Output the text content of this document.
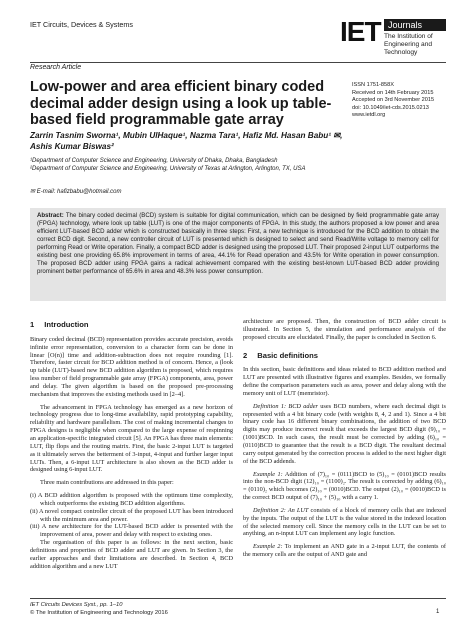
IET Circuits, Devices & Systems	IET Journals
The Institution of
Engineering and Technology
Research Article
Low-power and area efficient binary coded decimal adder design using a look up table-based field programmable gate array
ISSN 1751-858X
Received on 14th February 2015
Accepted on 3rd November 2015
doi: 10.1049/iet-cds.2015.0213
www.ietdl.org
Zarrin Tasnim Sworna¹, Mubin UlHaque¹, Nazma Tara¹, Hafiz Md. Hasan Babu¹ ✉,
Ashis Kumar Biswas²
¹Department of Computer Science and Engineering, University of Dhaka, Dhaka, Bangladesh
²Department of Computer Science and Engineering, University of Texas at Arlington, Arlington, TX, USA
✉ E-mail: hafizbabu@hotmail.com

Abstract: The binary coded decimal (BCD) system is suitable for digital communication, which can be designed by field programmable gate array (FPGA) technology, where look up table (LUT) is one of the major components of FPGA. In this study, the authors proposed a low power and area efficient LUT-based BCD adder which is constructed basically in three steps: First, a new technique is introduced for the BCD addition to obtain the correct BCD digit. Second, a new controller circuit of LUT is presented which is designed to select and send Read/Write voltage to memory cell for performing Read or Write operation. Finally, a compact BCD adder is designed using the proposed LUT. Their proposed 2-input LUT outperforms the existing best one providing 65.8% improvement in terms of area, 44.1% for Read operation and 43.5% for Write operation in power consumption. The proposed BCD adder using FPGA gains a radical achievement compared with the existing best-known LUT-based BCD adder providing prominent better performance of 65.6% in area and 48.3% less power consumption.

1 Introduction

Binary coded decimal (BCD) representation provides accurate precision, avoids infinite error representation, conversion to a character form can be done in linear [O(n)] time and addition-subtraction does not require rounding [1]. Therefore, faster circuit for BCD addition method is of concern. Hence, a (look up table (LUT)-based new BCD addition algorithm is proposed, which requires less number of field programmable gate array (FPGA) components, area, power and delay. The given algorithm is based on the proposed pre-processing mechanism that improves the existing methods used in [2–4].

The advancement in FPGA technology has emerged as a new horizon of technology progress due to long-time availability, rapid prototyping capability, reliability and hardware parallelism. The cost of making incremental changes to FPGA designs is negligible when compared to the large expense of respinning an application-specific integrated circuit [5]. An FPGA has three main elements: LUT, flip flops and the routing matrix. First, the basic 2-input LUT is targeted as it ultimately serves the betterment of 3-input, 4-input and further larger input LUTs. Then, a 6-input LUT architecture is also shown as the BCD adder is designed using 6-input LUT.

Three main contributions are addressed in this paper:

(i) A BCD addition algorithm is proposed with the optimum time complexity, which outperforms the existing BCD addition algorithms.

(ii) A novel compact controller circuit of the proposed LUT has been introduced with the minimum area and power.

(iii) A new architecture for the LUT-based BCD adder is presented with the improvement of area, power and delay with respect to existing ones.

The organisation of this paper is as follows: in the next section, basic definitions and properties of BCD adder and LUT are given. In Section 3, the earlier approaches and their limitations are described. In Section 4, BCD addition algorithm and a new LUT

architecture are proposed. Then, the construction of BCD adder circuit is illustrated. In Section 5, the simulation and performance analysis of the proposed circuits are elucidated. Finally, the paper is concluded in Section 6.

2 Basic definitions

In this section, basic definitions and ideas related to BCD addition method and LUT are presented with illustrative figures and examples. Besides, we formally define the comparison parameters such as area, power and delay along with the memory unit of LUT (memristor).

Definition 1: BCD adder uses BCD numbers, where each decimal digit is represented with a 4 bit binary code (with weights 8, 4, 2 and 1). Since a 4 bit binary code has 16 different binary combinations, the addition of two BCD digits may produce incorrect result that exceeds the largest BCD digit (9)₁₀ = (1001)BCD. In such cases, the result must be corrected by adding (6)₁₀ = (0110)BCD to guarantee that the result is a BCD digit. The resultant decimal carry output generated by the correction process is added to the next higher digit of the BCD addends.

Example 1: Addition of (7)₁₀ = (0111)BCD to (5)₁₀ = (0101)BCD results into the non-BCD digit (12)₁₀ = (1100)₂. The result is corrected by adding (6)₁₀ = (0110)₂ which becomes (2)₁₀ = (0010)BCD. The output (2)₁₀ = (0010)BCD is the correct BCD output of (7)₁₀ + (5)₁₀ with a carry 1.

Definition 2: An LUT consists of a block of memory cells that are indexed by the inputs. The output of the LUT is the value stored in the indexed location of the selected memory cell. Since the memory cells in the LUT can be set to anything, an n-input LUT can implement any logic function.

Example 2: To implement an AND gate in a 2-input LUT, the contents of the memory cells are the output of AND gate and

IET Circuits Devices Syst., pp. 1–10
© The Institution of Engineering and Technology 2016	1
